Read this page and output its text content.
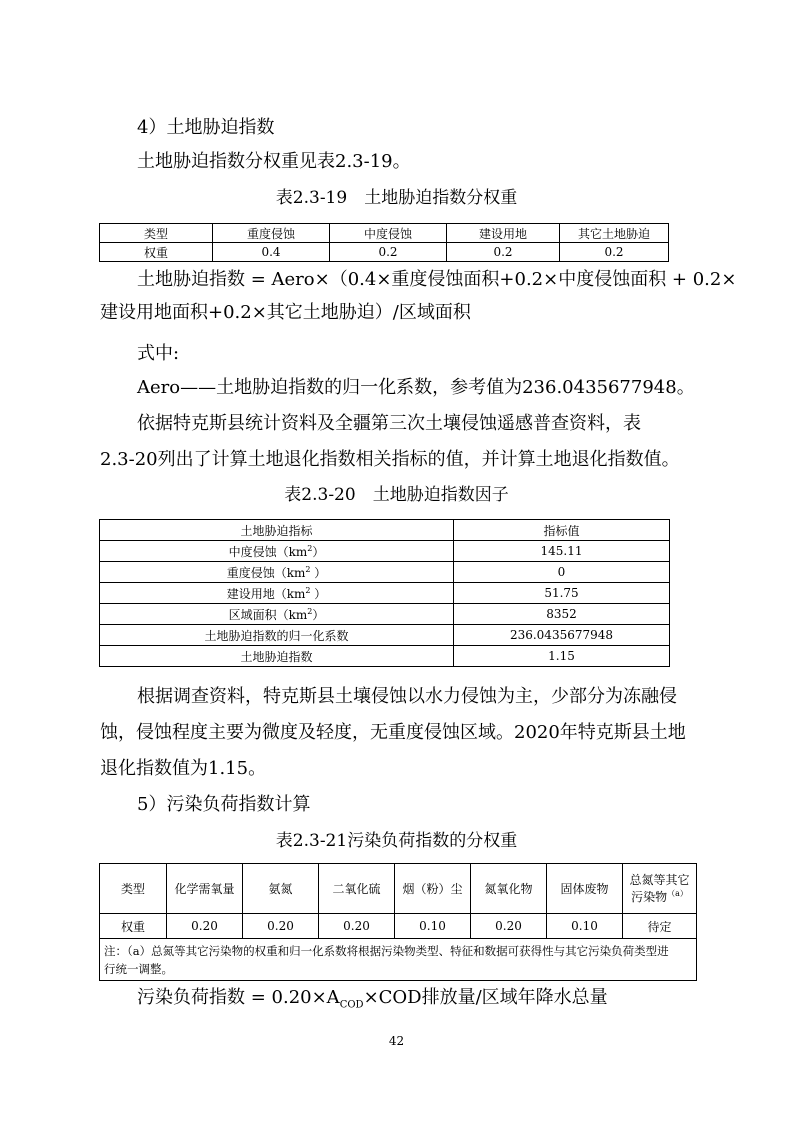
4）土地胁迫指数
土地胁迫指数分权重见表2.3-19。
表2.3-19　土地胁迫指数分权重
类型	重度侵蚀	中度侵蚀	建设用地	其它土地胁迫
权重	0.4	0.2	0.2	0.2
土地胁迫指数 = Aero×（0.4×重度侵蚀面积+0.2×中度侵蚀面积 + 0.2×
建设用地面积+0.2×其它土地胁迫）/区域面积
式中:
Aero——土地胁迫指数的归一化系数，参考值为236.0435677948。
依据特克斯县统计资料及全疆第三次土壤侵蚀遥感普查资料，表
2.3-20列出了计算土地退化指数相关指标的值，并计算土地退化指数值。
表2.3-20　土地胁迫指数因子
土地胁迫指标	指标值
中度侵蚀$(km^2)$	145.11
重度侵蚀（$km^2$ ）	0
建设用地（$km^2$ ）	51.75
区域面积$(km^2)$	8352
土地胁迫指数的归一化系数	236.0435677948
土地胁迫指数	1.15
根据调查资料，特克斯县土壤侵蚀以水力侵蚀为主，少部分为冻融侵
蚀，侵蚀程度主要为微度及轻度，无重度侵蚀区域。2020年特克斯县土地
退化指数值为1.15。
5）污染负荷指数计算
表2.3-21污染负荷指数的分权重
类型	化学需氧量	氨氮	二氧化硫	烟（粉）尘	氮氧化物	固体废物	总氮等其它
污染物$^{(a)}$
权重	0.20	0.20	0.20	0.10	0.20	0.10	待定
注：（a）总氮等其它污染物的权重和归一化系数将根据污染物类型、特征和数据可获得性与其它污染负荷类型进
行统一调整。							
污染负荷指数 = $0.20\times A_{COD}\times COD$排放量/区域年降水总量
42
